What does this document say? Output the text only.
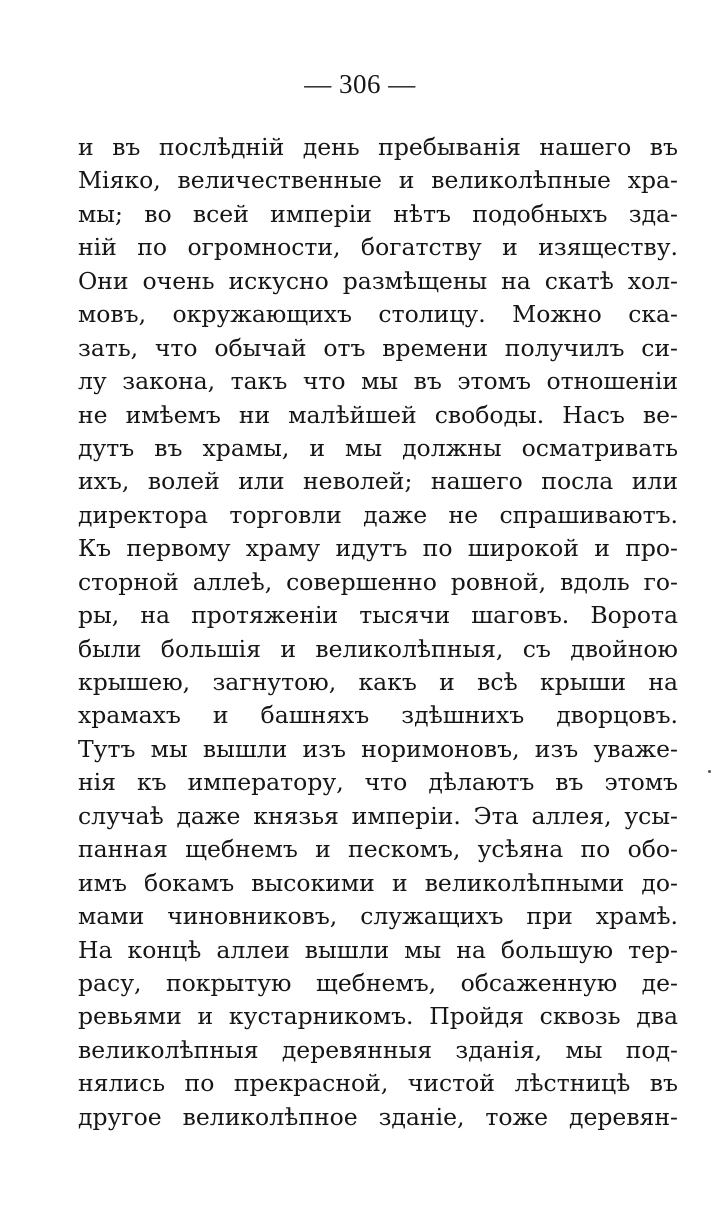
— 306 —
и въ послѣдній день пребыванія нашего въ
Міяко, величественные и великолѣпные хра-
мы; во всей имперіи нѣтъ подобныхъ зда-
ній по огромности, богатству и изяществу.
Они очень искусно размѣщены на скатѣ хол-
мовъ, окружающихъ столицу. Можно ска-
зать, что обычай отъ времени получилъ си-
лу закона, такъ что мы въ этомъ отношеніи
не имѣемъ ни малѣйшей свободы. Насъ ве-
дутъ въ храмы, и мы должны осматривать
ихъ, волей или неволей; нашего посла или
директора торговли даже не спрашиваютъ.
Къ первому храму идутъ по широкой и про-
сторной аллеѣ, совершенно ровной, вдоль го-
ры, на протяженіи тысячи шаговъ. Ворота
были большія и великолѣпныя, съ двойною
крышею, загнутою, какъ и всѣ крыши на
храмахъ и башняхъ здѣшнихъ дворцовъ.
Тутъ мы вышли изъ норимоновъ, изъ уваже-
нія къ императору, что дѣлаютъ въ этомъ
случаѣ даже князья имперіи. Эта аллея, усы-
панная щебнемъ и пескомъ, усѣяна по обо-
имъ бокамъ высокими и великолѣпными до-
мами чиновниковъ, служащихъ при храмѣ.
На концѣ аллеи вышли мы на большую тер-
расу, покрытую щебнемъ, обсаженную де-
ревьями и кустарникомъ. Пройдя сквозь два
великолѣпныя деревянныя зданія, мы под-
нялись по прекрасной, чистой лѣстницѣ въ
другое великолѣпное зданіе, тоже деревян-
